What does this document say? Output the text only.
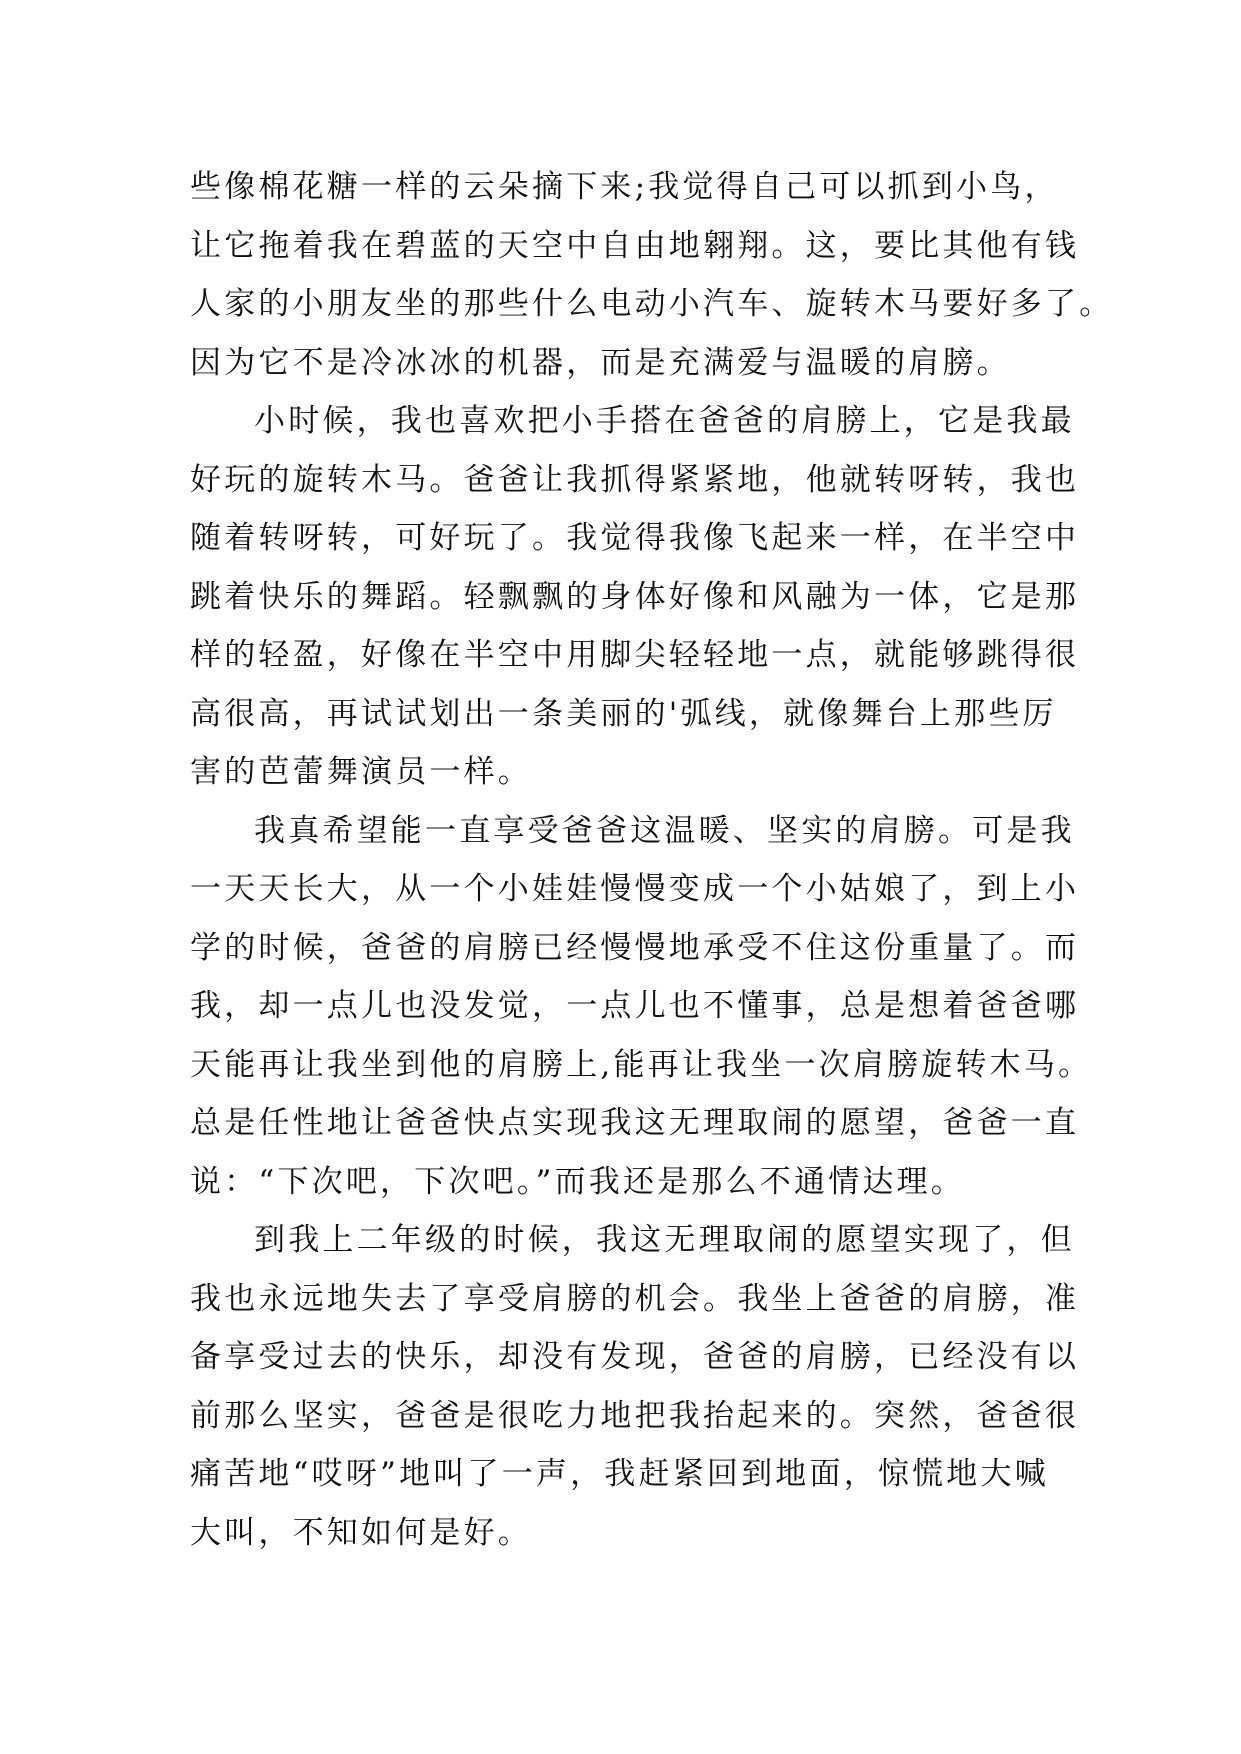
些像棉花糖一样的云朵摘下来;我觉得自己可以抓到小鸟，
让它拖着我在碧蓝的天空中自由地翱翔。这，要比其他有钱
人家的小朋友坐的那些什么电动小汽车、旋转木马要好多了。
因为它不是冷冰冰的机器，而是充满爱与温暖的肩膀。
小时候，我也喜欢把小手搭在爸爸的肩膀上，它是我最
好玩的旋转木马。爸爸让我抓得紧紧地，他就转呀转，我也
随着转呀转，可好玩了。我觉得我像飞起来一样，在半空中
跳着快乐的舞蹈。轻飘飘的身体好像和风融为一体，它是那
样的轻盈，好像在半空中用脚尖轻轻地一点，就能够跳得很
高很高，再试试划出一条美丽的'弧线，就像舞台上那些厉
害的芭蕾舞演员一样。
我真希望能一直享受爸爸这温暖、坚实的肩膀。可是我
一天天长大，从一个小娃娃慢慢变成一个小姑娘了，到上小
学的时候，爸爸的肩膀已经慢慢地承受不住这份重量了。而
我，却一点儿也没发觉，一点儿也不懂事，总是想着爸爸哪
天能再让我坐到他的肩膀上,能再让我坐一次肩膀旋转木马。
总是任性地让爸爸快点实现我这无理取闹的愿望，爸爸一直
说：“下次吧，下次吧。”而我还是那么不通情达理。
到我上二年级的时候，我这无理取闹的愿望实现了，但
我也永远地失去了享受肩膀的机会。我坐上爸爸的肩膀，准
备享受过去的快乐，却没有发现，爸爸的肩膀，已经没有以
前那么坚实，爸爸是很吃力地把我抬起来的。突然，爸爸很
痛苦地“哎呀”地叫了一声，我赶紧回到地面，惊慌地大喊
大叫，不知如何是好。
